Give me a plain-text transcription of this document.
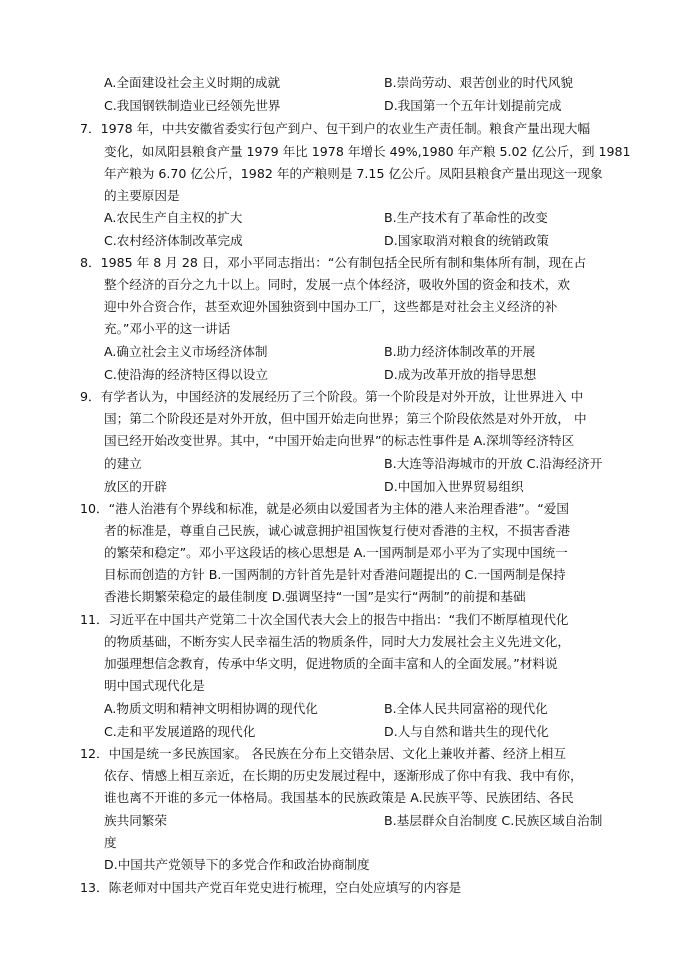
A.全面建设社会主义时期的成就	B.崇尚劳动、艰苦创业的时代风貌
C.我国钢铁制造业已经领先世界	D.我国第一个五年计划提前完成
7．1978 年，中共安徽省委实行包产到户、包干到户的农业生产责任制。粮食产量出现大幅
变化，如凤阳县粮食产量 1979 年比 1978 年增长 49%,1980 年产粮 5.02 亿公斤，到 1981
年产粮为 6.70 亿公斤，1982 年的产粮则是 7.15 亿公斤。凤阳县粮食产量出现这一现象
的主要原因是
A.农民生产自主权的扩大	B.生产技术有了革命性的改变
C.农村经济体制改革完成	D.国家取消对粮食的统销政策
8．1985 年 8 月 28 日，邓小平同志指出：“公有制包括全民所有制和集体所有制，现在占
整个经济的百分之九十以上。同时，发展一点个体经济，吸收外国的资金和技术，欢
迎中外合资合作，甚至欢迎外国独资到中国办工厂，这些都是对社会主义经济的补
充。”邓小平的这一讲话
A.确立社会主义市场经济体制	B.助力经济体制改革的开展
C.使沿海的经济特区得以设立	D.成为改革开放的指导思想
9．有学者认为，中国经济的发展经历了三个阶段。第一个阶段是对外开放，让世界进入 中
国；第二个阶段还是对外开放，但中国开始走向世界；第三个阶段依然是对外开放， 中
国已经开始改变世界。其中，“中国开始走向世界”的标志性事件是 A.深圳等经济特区
的建立	B.大连等沿海城市的开放 C.沿海经济开
放区的开辟	D.中国加入世界贸易组织
10．“港人治港有个界线和标准，就是必须由以爱国者为主体的港人来治理香港”。“爱国
者的标准是，尊重自己民族，诚心诚意拥护祖国恢复行使对香港的主权，不损害香港
的繁荣和稳定”。邓小平这段话的核心思想是 A.一国两制是邓小平为了实现中国统一
目标而创造的方针 B.一国两制的方针首先是针对香港问题提出的 C.一国两制是保持
香港长期繁荣稳定的最佳制度 D.强调坚持“一国”是实行“两制”的前提和基础
11．习近平在中国共产党第二十次全国代表大会上的报告中指出：“我们不断厚植现代化
的物质基础，不断夯实人民幸福生活的物质条件，同时大力发展社会主义先进文化，
加强理想信念教育，传承中华文明，促进物质的全面丰富和人的全面发展。”材料说
明中国式现代化是
A.物质文明和精神文明相协调的现代化	B.全体人民共同富裕的现代化
C.走和平发展道路的现代化	D.人与自然和谐共生的现代化
12．中国是统一多民族国家。 各民族在分布上交错杂居、文化上兼收并蓄、经济上相互
依存、情感上相互亲近，在长期的历史发展过程中，逐渐形成了你中有我、我中有你，
谁也离不开谁的多元一体格局。我国基本的民族政策是 A.民族平等、民族团结、各民
族共同繁荣	B.基层群众自治制度 C.民族区域自治制
度
D.中国共产党领导下的多党合作和政治协商制度
13．陈老师对中国共产党百年党史进行梳理，空白处应填写的内容是
